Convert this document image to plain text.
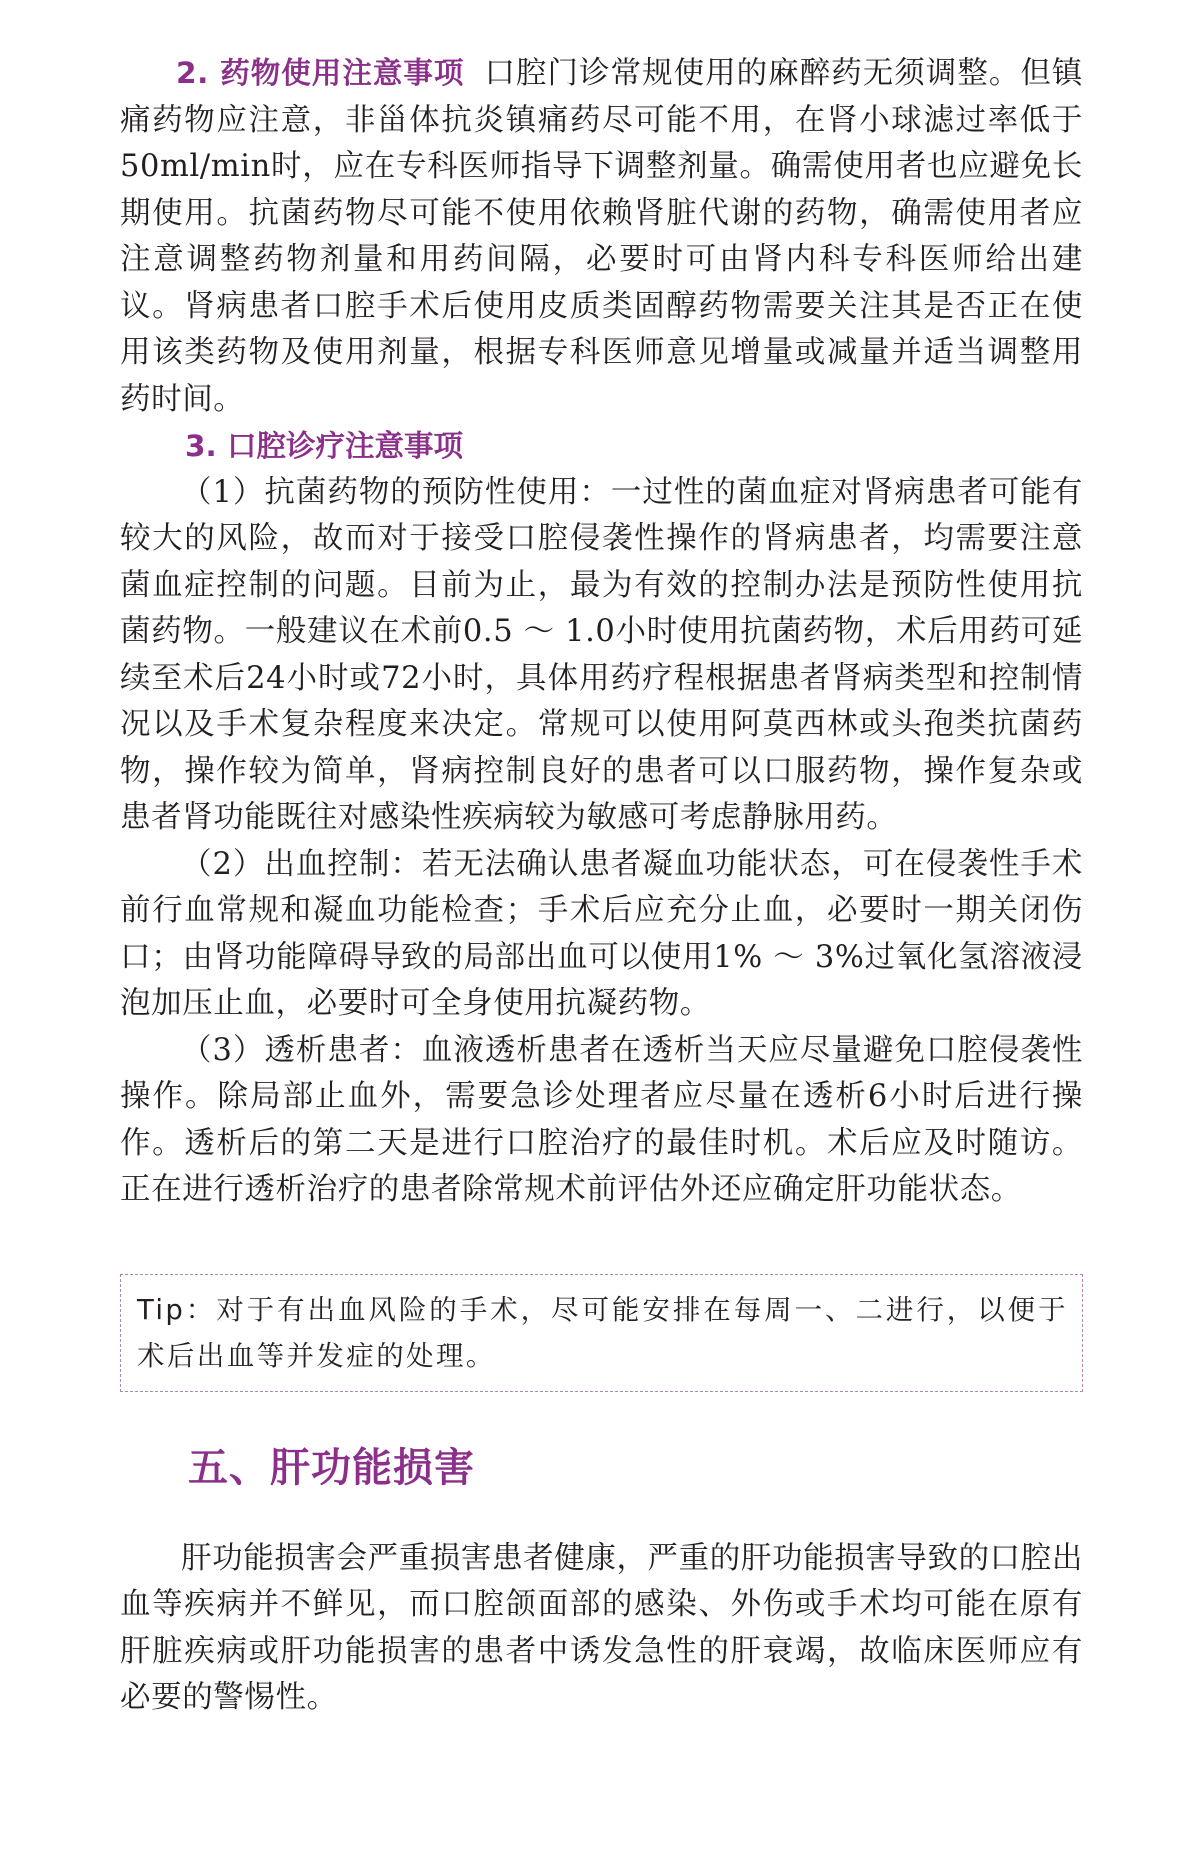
2. 药物使用注意事项 口腔门诊常规使用的麻醉药无须调整。但镇痛药物应注意，非甾体抗炎镇痛药尽可能不用，在肾小球滤过率低于50ml/min时，应在专科医师指导下调整剂量。确需使用者也应避免长期使用。抗菌药物尽可能不使用依赖肾脏代谢的药物，确需使用者应注意调整药物剂量和用药间隔，必要时可由肾内科专科医师给出建议。肾病患者口腔手术后使用皮质类固醇药物需要关注其是否正在使用该类药物及使用剂量，根据专科医师意见增量或减量并适当调整用药时间。

3. 口腔诊疗注意事项

（1）抗菌药物的预防性使用：一过性的菌血症对肾病患者可能有较大的风险，故而对于接受口腔侵袭性操作的肾病患者，均需要注意菌血症控制的问题。目前为止，最为有效的控制办法是预防性使用抗菌药物。一般建议在术前0.5 ～ 1.0小时使用抗菌药物，术后用药可延续至术后24小时或72小时，具体用药疗程根据患者肾病类型和控制情况以及手术复杂程度来决定。常规可以使用阿莫西林或头孢类抗菌药物，操作较为简单，肾病控制良好的患者可以口服药物，操作复杂或患者肾功能既往对感染性疾病较为敏感可考虑静脉用药。

（2）出血控制：若无法确认患者凝血功能状态，可在侵袭性手术前行血常规和凝血功能检查；手术后应充分止血，必要时一期关闭伤口；由肾功能障碍导致的局部出血可以使用1% ～ 3%过氧化氢溶液浸泡加压止血，必要时可全身使用抗凝药物。

（3）透析患者：血液透析患者在透析当天应尽量避免口腔侵袭性操作。除局部止血外，需要急诊处理者应尽量在透析6小时后进行操作。透析后的第二天是进行口腔治疗的最佳时机。术后应及时随访。正在进行透析治疗的患者除常规术前评估外还应确定肝功能状态。

Tip：对于有出血风险的手术，尽可能安排在每周一、二进行，以便于术后出血等并发症的处理。
五、肝功能损害

肝功能损害会严重损害患者健康，严重的肝功能损害导致的口腔出血等疾病并不鲜见，而口腔颌面部的感染、外伤或手术均可能在原有肝脏疾病或肝功能损害的患者中诱发急性的肝衰竭，故临床医师应有必要的警惕性。
